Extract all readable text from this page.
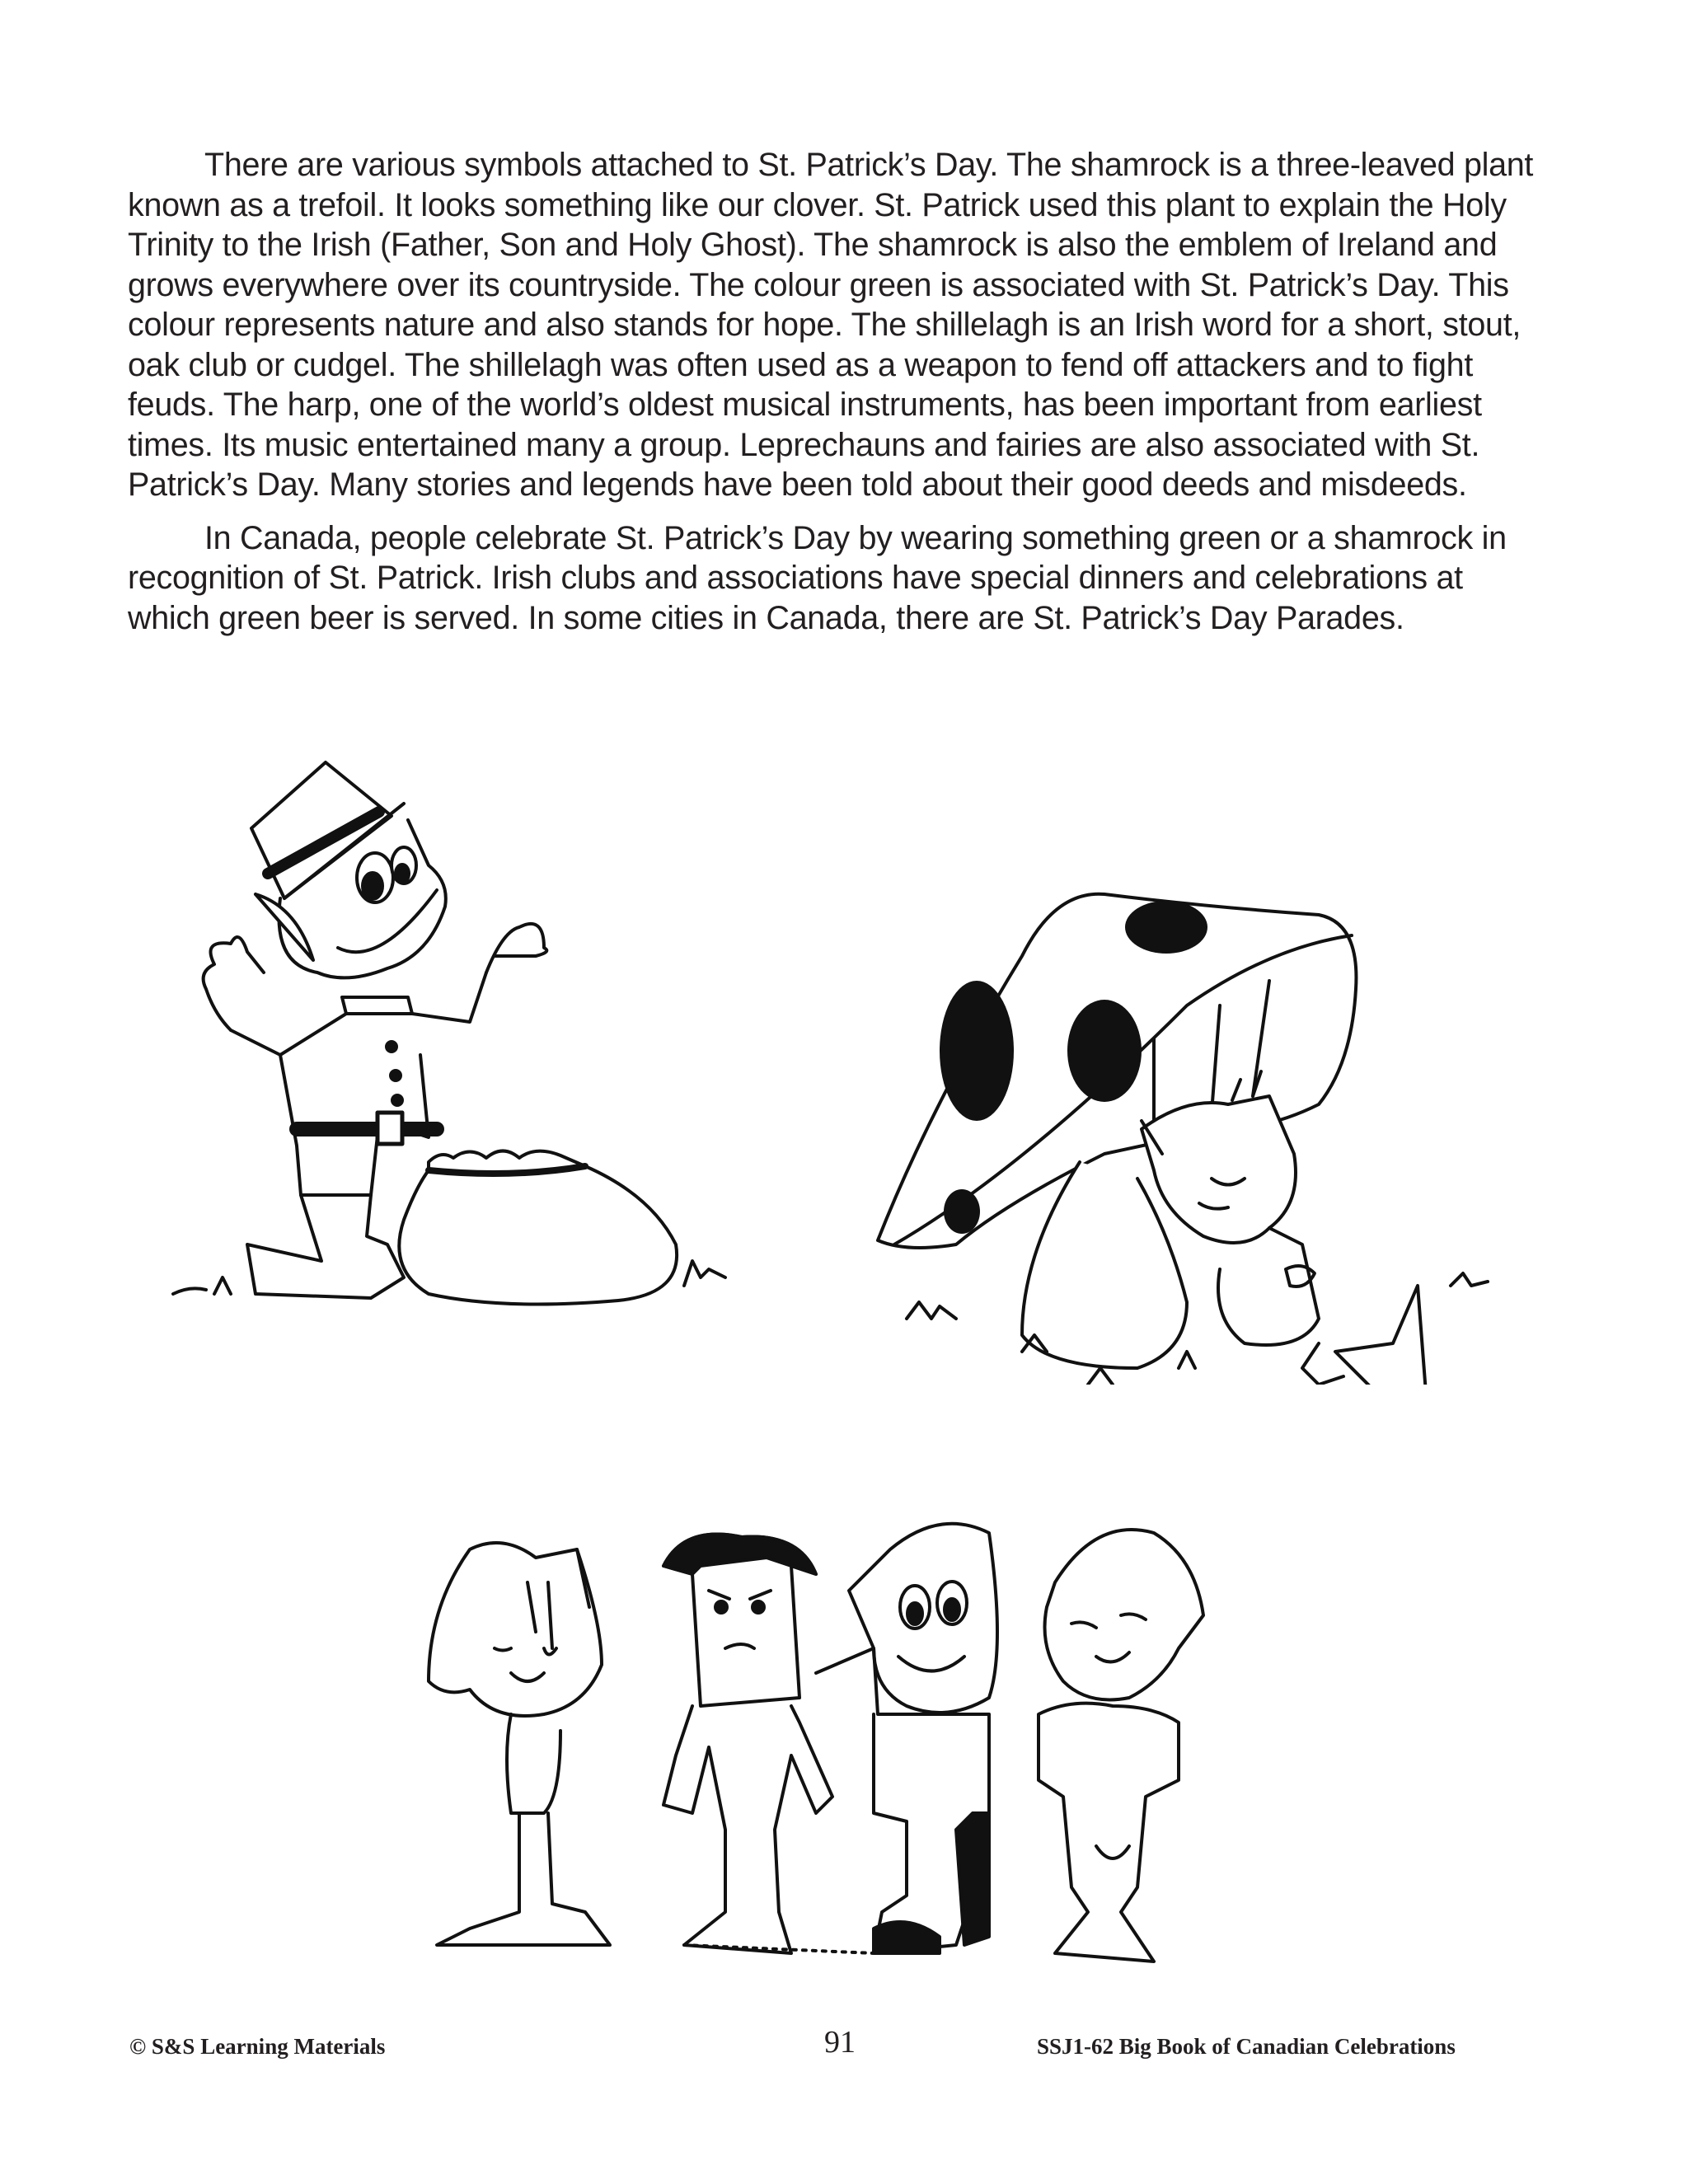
There are various symbols attached to St. Patrick’s Day. The shamrock is a three-leaved plant known as a trefoil. It looks something like our clover. St. Patrick used this plant to explain the Holy Trinity to the Irish (Father, Son and Holy Ghost). The shamrock is also the emblem of Ireland and grows everywhere over its countryside. The colour green is associated with St. Patrick’s Day. This colour represents nature and also stands for hope. The shillelagh is an Irish word for a short, stout, oak club or cudgel. The shillelagh was often used as a weapon to fend off attackers and to fight feuds. The harp, one of the world’s oldest musical instruments, has been important from earliest times. Its music entertained many a group. Leprechauns and fairies are also associated with St. Patrick’s Day. Many stories and legends have been told about their good deeds and misdeeds.

In Canada, people celebrate St. Patrick’s Day by wearing something green or a shamrock in recognition of St. Patrick. Irish clubs and associations have special dinners and celebrations at which green beer is served. In some cities in Canada, there are St. Patrick’s Day Parades.

© S&S Learning Materials	91	SSJ1-62 Big Book of Canadian Celebrations
